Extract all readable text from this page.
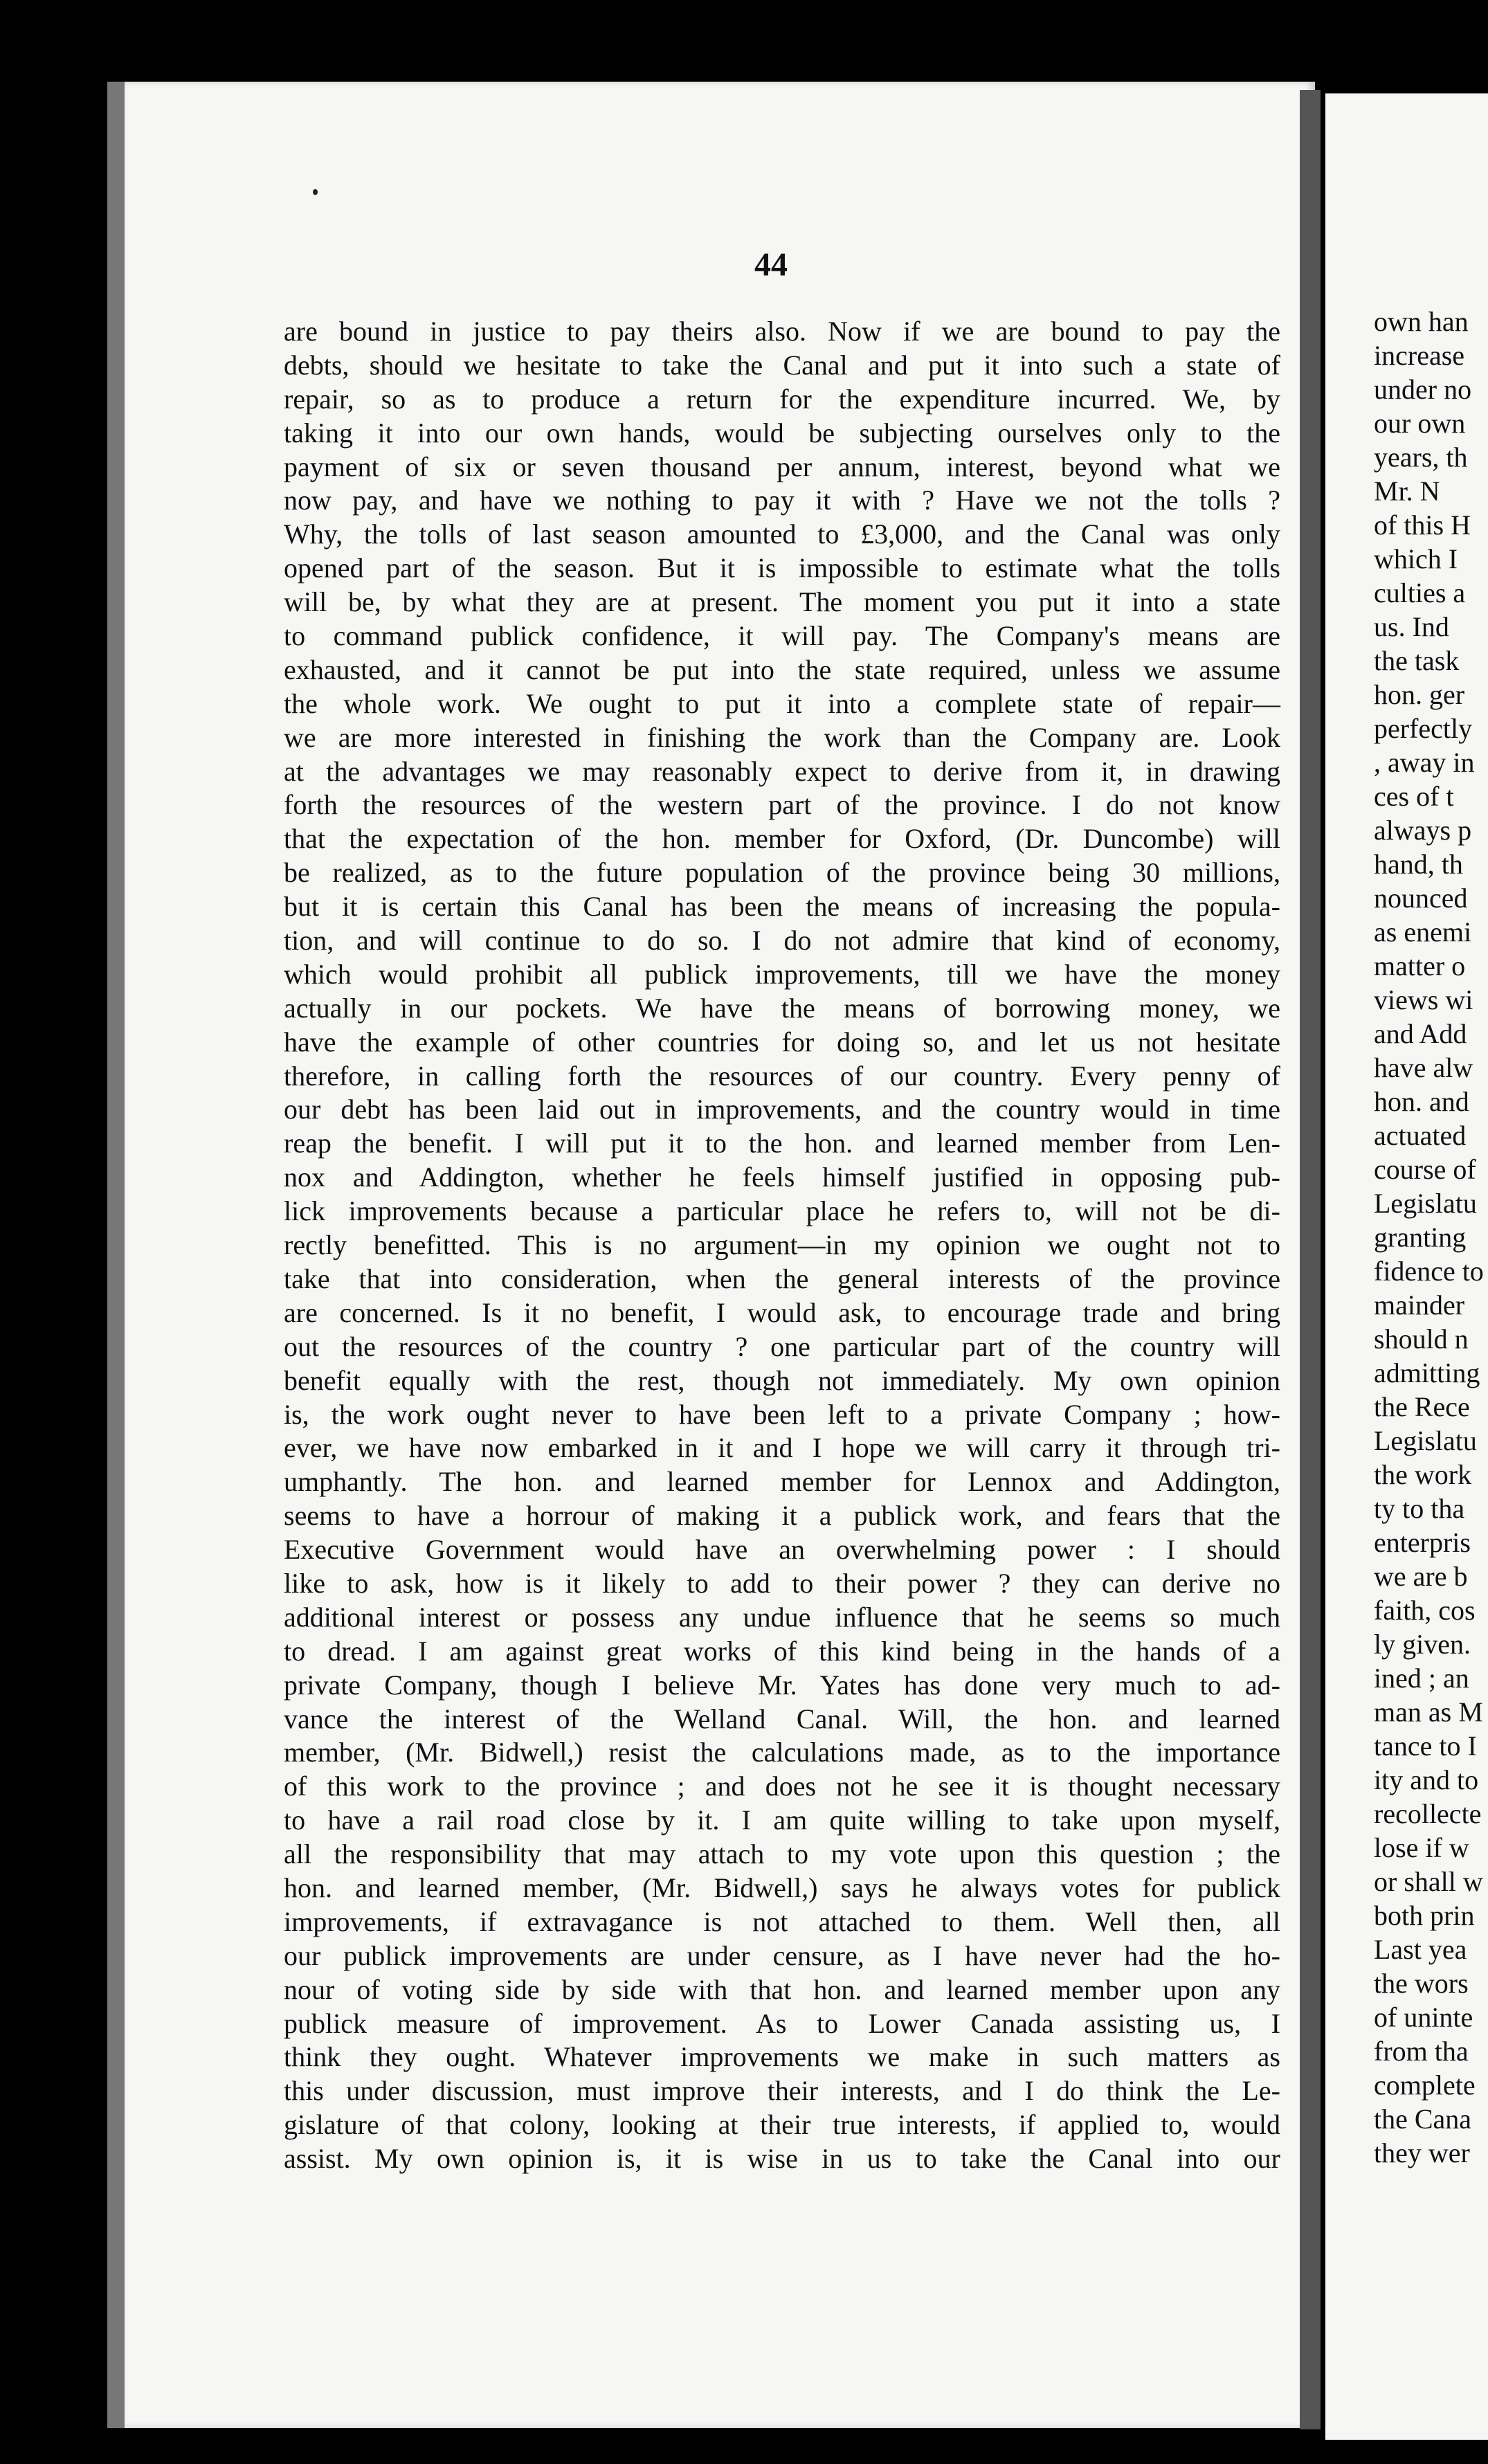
44
are bound in justice to pay theirs also. Now if we are bound to pay the
debts, should we hesitate to take the Canal and put it into such a state of
repair, so as to produce a return for the expenditure incurred. We, by
taking it into our own hands, would be subjecting ourselves only to the
payment of six or seven thousand per annum, interest, beyond what we
now pay, and have we nothing to pay it with ? Have we not the tolls ?
Why, the tolls of last season amounted to £3,000, and the Canal was only
opened part of the season. But it is impossible to estimate what the tolls
will be, by what they are at present. The moment you put it into a state
to command publick confidence, it will pay. The Company's means are
exhausted, and it cannot be put into the state required, unless we assume
the whole work. We ought to put it into a complete state of repair—
we are more interested in finishing the work than the Company are. Look
at the advantages we may reasonably expect to derive from it, in drawing
forth the resources of the western part of the province. I do not know
that the expectation of the hon. member for Oxford, (Dr. Duncombe) will
be realized, as to the future population of the province being 30 millions,
but it is certain this Canal has been the means of increasing the popula-
tion, and will continue to do so. I do not admire that kind of economy,
which would prohibit all publick improvements, till we have the money
actually in our pockets. We have the means of borrowing money, we
have the example of other countries for doing so, and let us not hesitate
therefore, in calling forth the resources of our country. Every penny of
our debt has been laid out in improvements, and the country would in time
reap the benefit. I will put it to the hon. and learned member from Len-
nox and Addington, whether he feels himself justified in opposing pub-
lick improvements because a particular place he refers to, will not be di-
rectly benefitted. This is no argument—in my opinion we ought not to
take that into consideration, when the general interests of the province
are concerned. Is it no benefit, I would ask, to encourage trade and bring
out the resources of the country ? one particular part of the country will
benefit equally with the rest, though not immediately. My own opinion
is, the work ought never to have been left to a private Company ; how-
ever, we have now embarked in it and I hope we will carry it through tri-
umphantly. The hon. and learned member for Lennox and Addington,
seems to have a horrour of making it a publick work, and fears that the
Executive Government would have an overwhelming power : I should
like to ask, how is it likely to add to their power ? they can derive no
additional interest or possess any undue influence that he seems so much
to dread. I am against great works of this kind being in the hands of a
private Company, though I believe Mr. Yates has done very much to ad-
vance the interest of the Welland Canal. Will, the hon. and learned
member, (Mr. Bidwell,) resist the calculations made, as to the importance
of this work to the province ; and does not he see it is thought necessary
to have a rail road close by it. I am quite willing to take upon myself,
all the responsibility that may attach to my vote upon this question ; the
hon. and learned member, (Mr. Bidwell,) says he always votes for publick
improvements, if extravagance is not attached to them. Well then, all
our publick improvements are under censure, as I have never had the ho-
nour of voting side by side with that hon. and learned member upon any
publick measure of improvement. As to Lower Canada assisting us, I
think they ought. Whatever improvements we make in such matters as
this under discussion, must improve their interests, and I do think the Le-
gislature of that colony, looking at their true interests, if applied to, would
assist. My own opinion is, it is wise in us to take the Canal into our
own han
increase
under no
our own
years, th
Mr. N
of this H
which I
culties a
us. Ind
the task
hon. ger
perfectly
, away in
ces of t
always p
hand, th
nounced
as enemi
matter o
views wi
and Add
have alw
hon. and
actuated
course of
Legislatu
granting
fidence to
mainder
should n
admitting
the Rece
Legislatu
the work
ty to tha
enterpris
we are b
faith, cos
ly given.
ined ; an
man as M
tance to I
ity and to
recollecte
lose if w
or shall w
both prin
Last yea
the wors
of uninte
from tha
complete
the Cana
they wer
